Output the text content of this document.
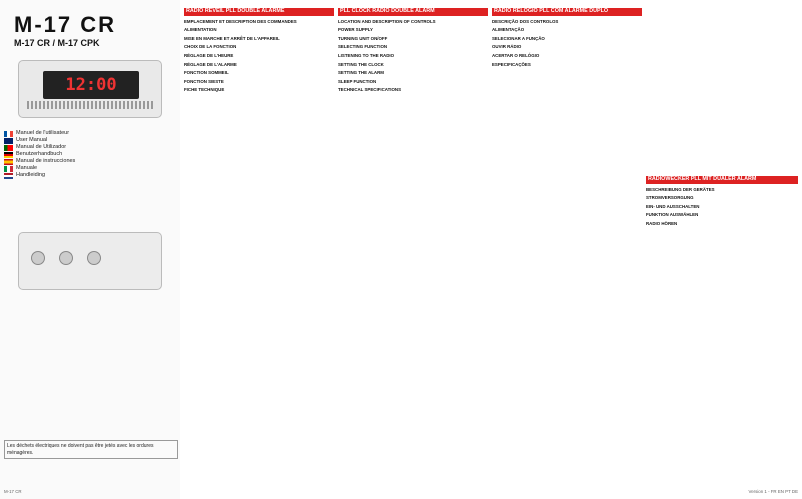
M-17 CR
M-17 CR / M-17 CPK
12:00
Manuel de l'utilisateur
User Manual
Manual de Utilizador
Benutzerhandbuch
Manual de instrucciones
Manuale
Handleiding
Les déchets électriques ne doivent pas être jetés avec les ordures ménagères.
RADIO RÉVEIL PLL DOUBLE ALARME
EMPLACEMENT ET DESCRIPTION DES COMMANDES
ALIMENTATION
MISE EN MARCHE ET ARRÊT DE L'APPAREIL
CHOIX DE LA FONCTION
RÉGLAGE DE L'HEURE
RÉGLAGE DE L'ALARME
FONCTION SOMMEIL
FONCTION SIESTE
FICHE TECHNIQUE
PLL CLOCK RADIO DOUBLE ALARM
LOCATION AND DESCRIPTION OF CONTROLS
POWER SUPPLY
TURNING UNIT ON/OFF
SELECTING FUNCTION
LISTENING TO THE RADIO
SETTING THE CLOCK
SETTING THE ALARM
SLEEP FUNCTION
TECHNICAL SPECIFICATIONS
RÁDIO RELÓGIO PLL COM ALARME DUPLO
DESCRIÇÃO DOS CONTROLOS
ALIMENTAÇÃO
SELECIONAR A FUNÇÃO
OUVIR RÁDIO
ACERTAR O RELÓGIO
ESPECIFICAÇÕES
RADIOWECKER PLL MIT DUALER ALARM
BESCHREIBUNG DER GERÄTES
STROMVERSORGUNG
EIN- UND AUSSCHALTEN
FUNKTION AUSWÄHLEN
RADIO HÖREN
M-17 CR	Version 1 - FR EN PT DE
